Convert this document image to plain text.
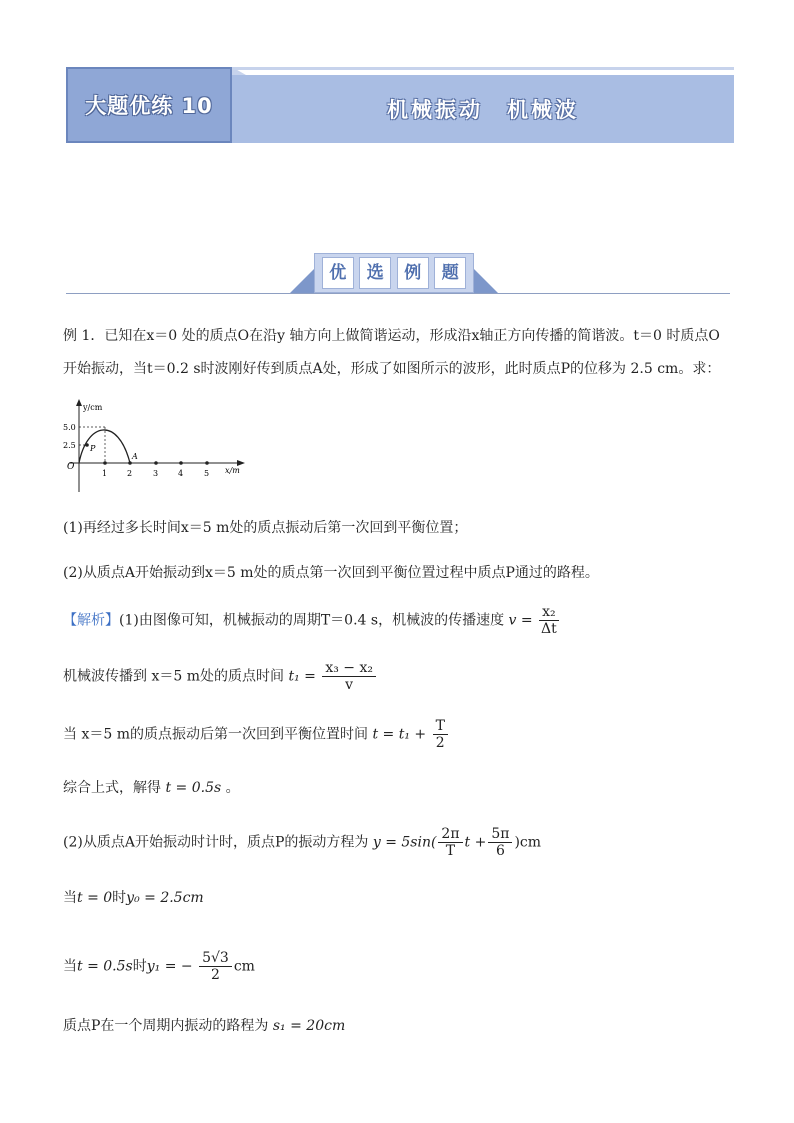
大题优练 10	机械振动　机械波
优	选	例	题
例 1．已知在x＝0 处的质点O在沿y 轴方向上做简谐运动，形成沿x轴正方向传播的简谐波。t＝0 时质点O
开始振动，当t＝0.2 s时波刚好传到质点A处，形成了如图所示的波形，此时质点P的位移为 2.5 cm。求：
y/cm
x/m
5.0
2.5
O
P
A
1 2	3 4	5
(1)再经过多长时间x＝5 m处的质点振动后第一次回到平衡位置；
(2)从质点A开始振动到x＝5 m处的质点第一次回到平衡位置过程中质点P通过的路程。
【解析】(1)由图像可知，机械振动的周期T＝0.4 s，机械波的传播速度 $v = \frac{\text{x₂}}{\Delta t}$
机械波传播到 x＝5 m处的质点时间 $t_1 = \frac{\text{x₃ − x₂}}{v}$
当 x＝5 m的质点振动后第一次回到平衡位置时间 $t = t_1 + \frac{T}{2}$
综合上式，解得 t = 0.5s 。
(2)从质点A开始振动时计时，质点P的振动方程为 $y = 5\sin( \frac{2\pi}{T}$ $t + \frac{5\pi}{6} )cm$
当t = 0时y₀ = 2.5cm
当t = 0.5s时y₁ = − $\frac{5√3}{2}$ cm
质点P在一个周期内振动的路程为 s₁ = 20cm
